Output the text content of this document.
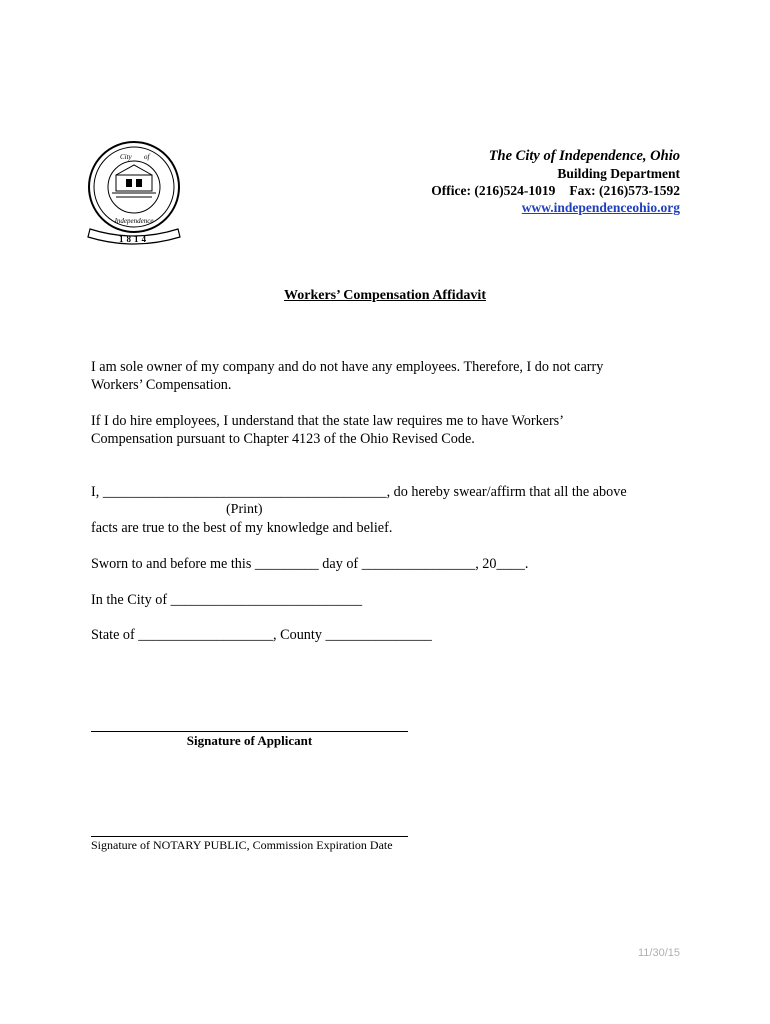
City of
Independence
1814
The City of Independence, Ohio
Building Department
Office: (216)524-1019 Fax: (216)573-1592
www.independenceohio.org
Workers’ Compensation Affidavit
I am sole owner of my company and do not have any employees. Therefore, I do not carry Workers’ Compensation.
If I do hire employees, I understand that the state law requires me to have Workers’ Compensation pursuant to Chapter 4123 of the Ohio Revised Code.
I, ________________________________________, do hereby swear/affirm that all the above
(Print)
facts are true to the best of my knowledge and belief.
Sworn to and before me this _________ day of ________________, 20____.
In the City of ___________________________
State of ___________________, County _______________
Signature of Applicant
Signature of NOTARY PUBLIC, Commission Expiration Date
11/30/15
